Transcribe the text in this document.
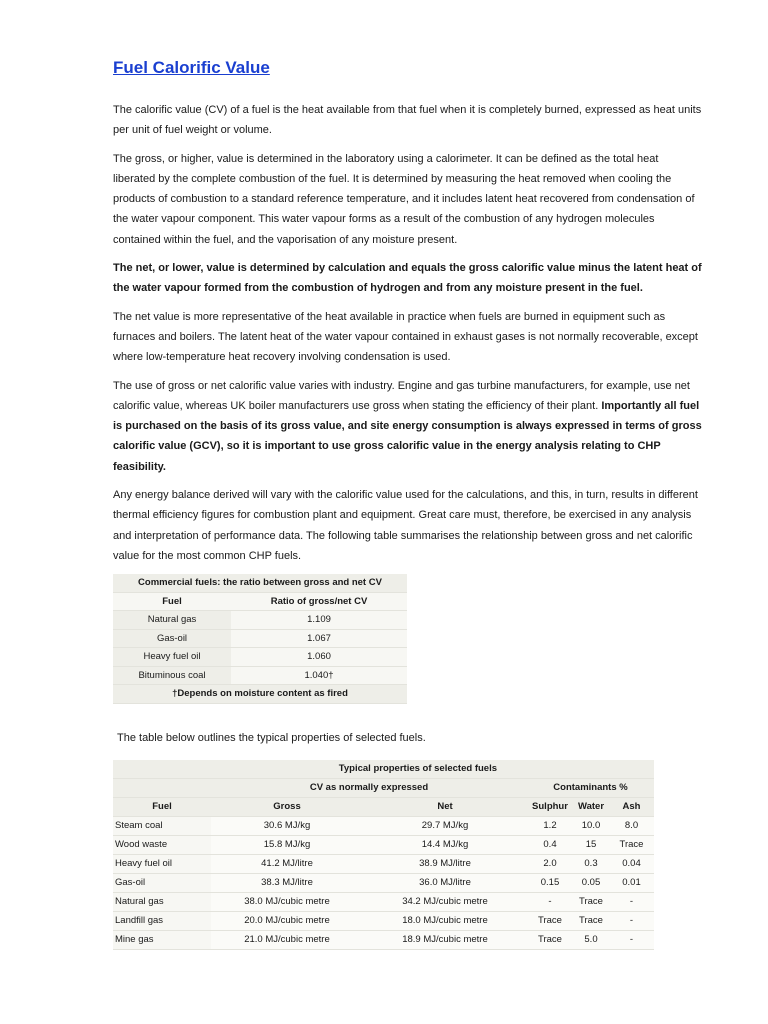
Fuel Calorific Value

The calorific value (CV) of a fuel is the heat available from that fuel when it is completely burned, expressed as heat units per unit of fuel weight or volume.

The gross, or higher, value is determined in the laboratory using a calorimeter. It can be defined as the total heat liberated by the complete combustion of the fuel. It is determined by measuring the heat removed when cooling the products of combustion to a standard reference temperature, and it includes latent heat recovered from condensation of the water vapour component. This water vapour forms as a result of the combustion of any hydrogen molecules contained within the fuel, and the vaporisation of any moisture present.

The net, or lower, value is determined by calculation and equals the gross calorific value minus the latent heat of the water vapour formed from the combustion of hydrogen and from any moisture present in the fuel.

The net value is more representative of the heat available in practice when fuels are burned in equipment such as furnaces and boilers. The latent heat of the water vapour contained in exhaust gases is not normally recoverable, except where low-temperature heat recovery involving condensation is used.

The use of gross or net calorific value varies with industry. Engine and gas turbine manufacturers, for example, use net calorific value, whereas UK boiler manufacturers use gross when stating the efficiency of their plant. Importantly all fuel is purchased on the basis of its gross value, and site energy consumption is always expressed in terms of gross calorific value (GCV), so it is important to use gross calorific value in the energy analysis relating to CHP feasibility.

Any energy balance derived will vary with the calorific value used for the calculations, and this, in turn, results in different thermal efficiency figures for combustion plant and equipment. Great care must, therefore, be exercised in any analysis and interpretation of performance data. The following table summarises the relationship between gross and net calorific value for the most common CHP fuels.

Commercial fuels: the ratio between gross and net CV	
Fuel	Ratio of gross/net CV
Natural gas	1.109
Gas-oil	1.067
Heavy fuel oil	1.060
Bituminous coal	1.040†
†Depends on moisture content as fired	
The table below outlines the typical properties of selected fuels.
	Typical properties of selected fuels				
	CV as normally expressed		Contaminants %		
Fuel	Gross	Net	Sulphur	Water	Ash
Steam coal	30.6 MJ/kg	29.7 MJ/kg	1.2	10.0	8.0
Wood waste	15.8 MJ/kg	14.4 MJ/kg	0.4	15	Trace
Heavy fuel oil	41.2 MJ/litre	38.9 MJ/litre	2.0	0.3	0.04
Gas-oil	38.3 MJ/litre	36.0 MJ/litre	0.15	0.05	0.01
Natural gas	38.0 MJ/cubic metre	34.2 MJ/cubic metre	-	Trace	-
Landfill gas	20.0 MJ/cubic metre	18.0 MJ/cubic metre	Trace	Trace	-
Mine gas	21.0 MJ/cubic metre	18.9 MJ/cubic metre	Trace	5.0	-
